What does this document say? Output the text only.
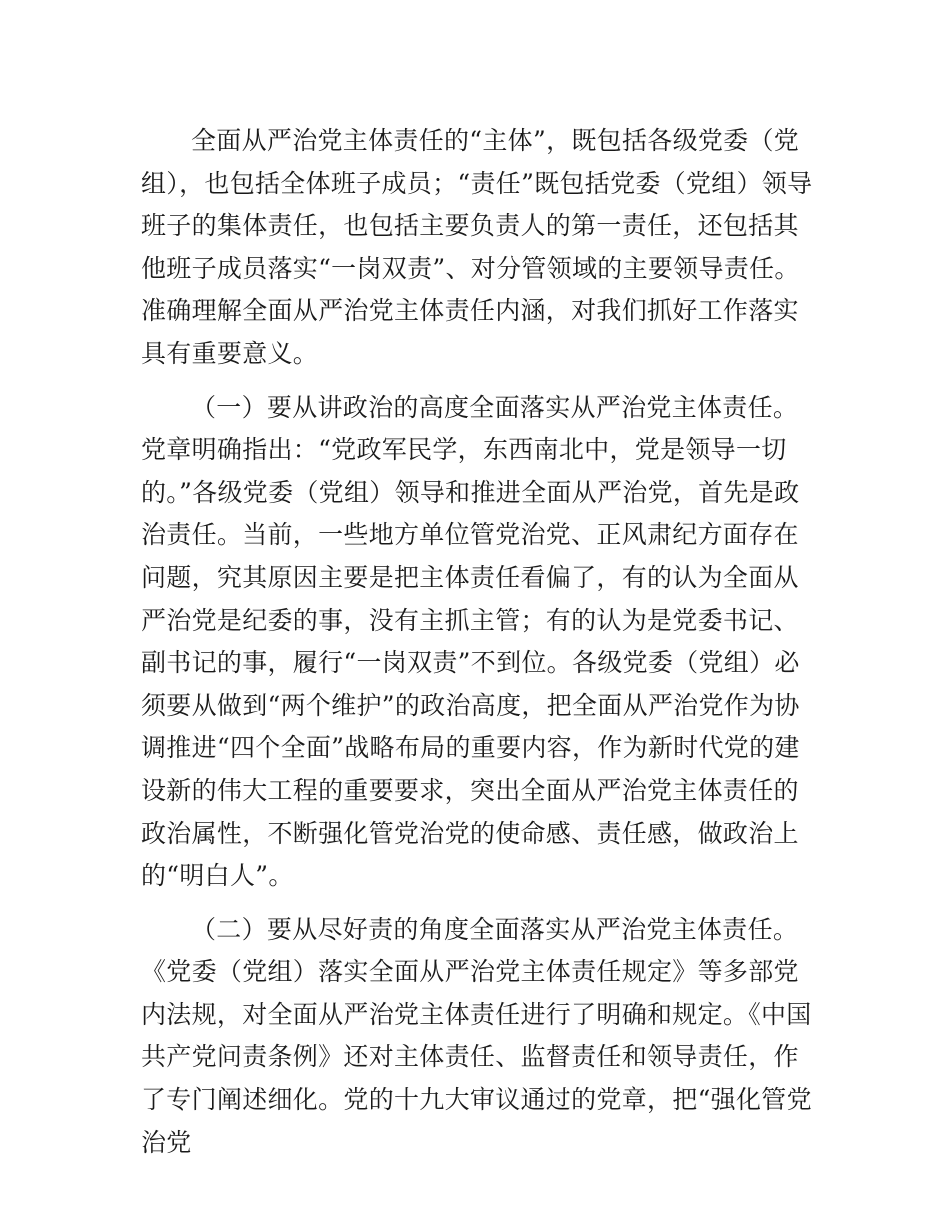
全面从严治党主体责任的“主体”，既包括各级党委（党组），也包括全体班子成员；“责任”既包括党委（党组）领导班子的集体责任，也包括主要负责人的第一责任，还包括其他班子成员落实“一岗双责”、对分管领域的主要领导责任。准确理解全面从严治党主体责任内涵，对我们抓好工作落实具有重要意义。

（一）要从讲政治的高度全面落实从严治党主体责任。党章明确指出：“党政军民学，东西南北中，党是领导一切的。”各级党委（党组）领导和推进全面从严治党，首先是政治责任。当前，一些地方单位管党治党、正风肃纪方面存在问题，究其原因主要是把主体责任看偏了，有的认为全面从严治党是纪委的事，没有主抓主管；有的认为是党委书记、副书记的事，履行“一岗双责”不到位。各级党委（党组）必须要从做到“两个维护”的政治高度，把全面从严治党作为协调推进“四个全面”战略布局的重要内容，作为新时代党的建设新的伟大工程的重要要求，突出全面从严治党主体责任的政治属性，不断强化管党治党的使命感、责任感，做政治上的“明白人”。

（二）要从尽好责的角度全面落实从严治党主体责任。《党委（党组）落实全面从严治党主体责任规定》等多部党内法规，对全面从严治党主体责任进行了明确和规定。《中国共产党问责条例》还对主体责任、监督责任和领导责任，作了专门阐述细化。党的十九大审议通过的党章，把“强化管党治党
